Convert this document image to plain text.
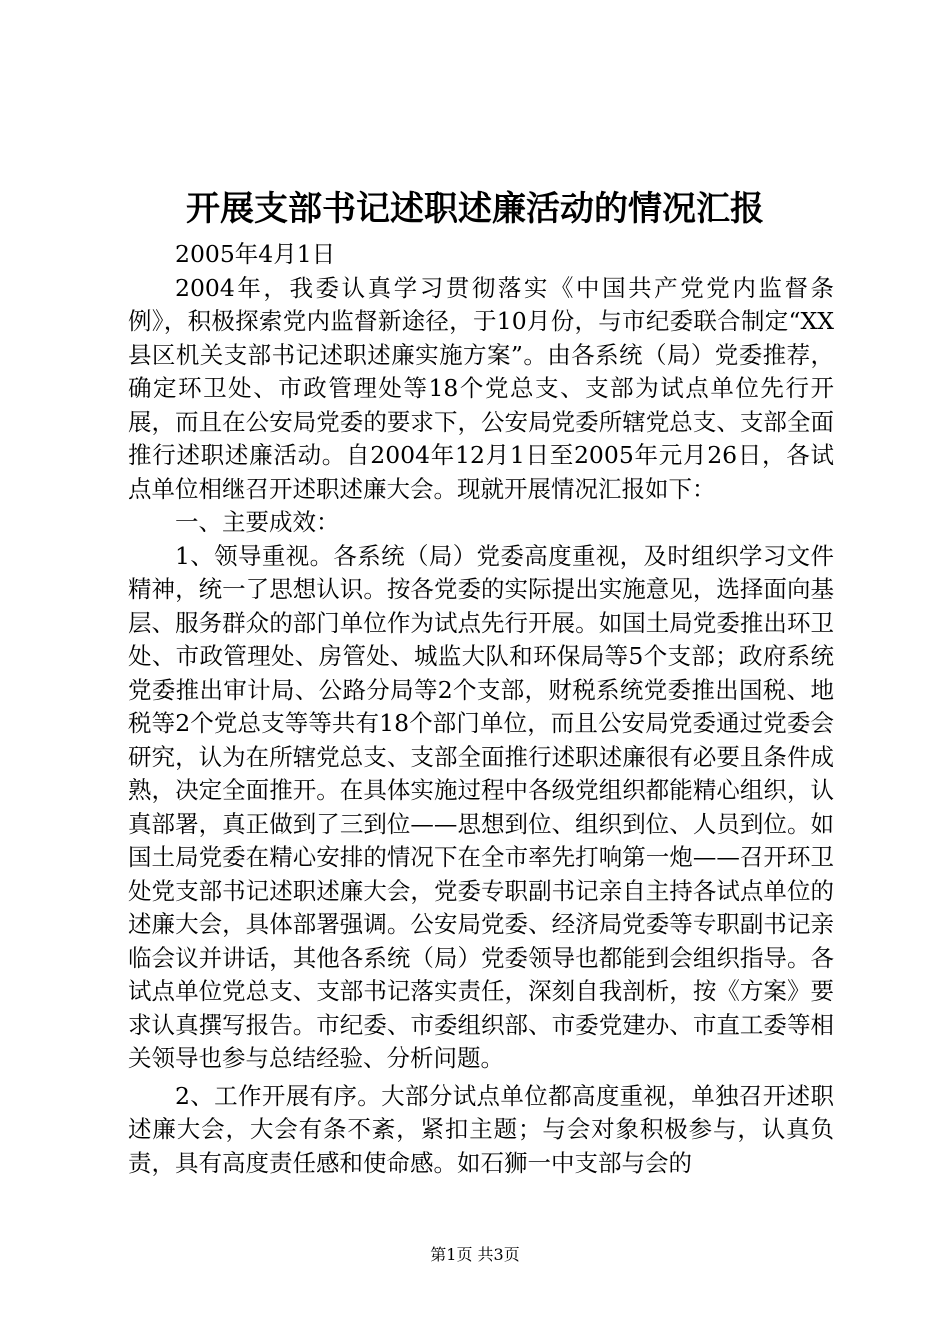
开展支部书记述职述廉活动的情况汇报

2005年4月1日

2004年，我委认真学习贯彻落实《中国共产党党内监督条例》，积极探索党内监督新途径，于10月份，与市纪委联合制定“XX县区机关支部书记述职述廉实施方案”。由各系统（局）党委推荐，确定环卫处、市政管理处等18个党总支、支部为试点单位先行开展，而且在公安局党委的要求下，公安局党委所辖党总支、支部全面推行述职述廉活动。自2004年12月1日至2005年元月26日，各试点单位相继召开述职述廉大会。现就开展情况汇报如下：

一、主要成效：

1、领导重视。各系统（局）党委高度重视，及时组织学习文件精神，统一了思想认识。按各党委的实际提出实施意见，选择面向基层、服务群众的部门单位作为试点先行开展。如国土局党委推出环卫处、市政管理处、房管处、城监大队和环保局等5个支部；政府系统党委推出审计局、公路分局等2个支部，财税系统党委推出国税、地税等2个党总支等等共有18个部门单位，而且公安局党委通过党委会研究，认为在所辖党总支、支部全面推行述职述廉很有必要且条件成熟，决定全面推开。在具体实施过程中各级党组织都能精心组织，认真部署，真正做到了三到位——思想到位、组织到位、人员到位。如国土局党委在精心安排的情况下在全市率先打响第一炮——召开环卫处党支部书记述职述廉大会，党委专职副书记亲自主持各试点单位的述廉大会，具体部署强调。公安局党委、经济局党委等专职副书记亲临会议并讲话，其他各系统（局）党委领导也都能到会组织指导。各试点单位党总支、支部书记落实责任，深刻自我剖析，按《方案》要求认真撰写报告。市纪委、市委组织部、市委党建办、市直工委等相关领导也参与总结经验、分析问题。

2、工作开展有序。大部分试点单位都高度重视，单独召开述职述廉大会，大会有条不紊，紧扣主题；与会对象积极参与，认真负责，具有高度责任感和使命感。如石狮一中支部与会的

第1页 共3页
